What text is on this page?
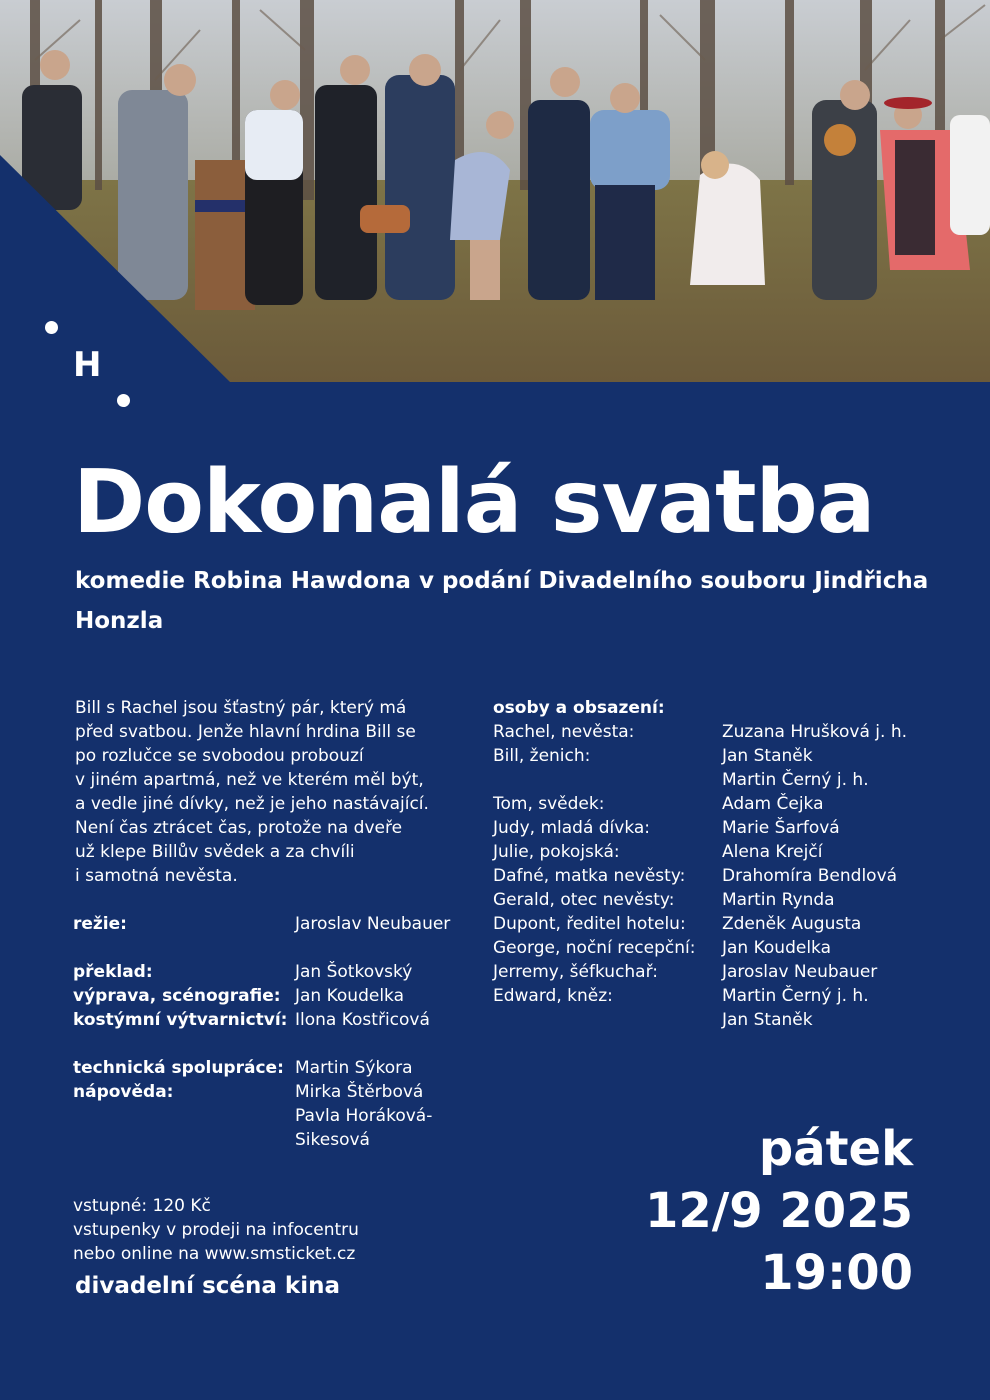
H
Dokonalá svatba

komedie Robina Hawdona v podání Divadelního souboru Jindřicha Honzla

Bill s Rachel jsou šťastný pár, který má
před svatbou. Jenže hlavní hrdina Bill se
po rozlučce se svobodou probouzí
v jiném apartmá, než ve kterém měl být,
a vedle jiné dívky, než je jeho nastávající.
Není čas ztrácet čas, protože na dveře
už klepe Billův svědek a za chvíli
i samotná nevěsta.

režie:	Jaroslav Neubauer
překlad:	Jan Šotkovský
výprava, scénografie: Jan Koudelka
kostýmní výtvarnictví: Ilona Kostřicová
technická spolupráce: Martin Sýkora
nápověda:	Mirka Štěrbová
Pavla Horáková-
Sikesová
osoby a obsazení:
Rachel, nevěsta:	Zuzana Hrušková j. h.
Bill, ženich:	Jan Staněk
Martin Černý j. h.
Tom, svědek:	Adam Čejka
Judy, mladá dívka:	Marie Šarfová
Julie, pokojská:	Alena Krejčí
Dafné, matka nevěsty:	Drahomíra Bendlová
Gerald, otec nevěsty:	Martin Rynda
Dupont, ředitel hotelu:	Zdeněk Augusta
George, noční recepční:	Jan Koudelka
Jerremy, šéfkuchař:	Jaroslav Neubauer
Edward, kněz:	Martin Černý j. h.
Jan Staněk
vstupné: 120 Kč
vstupenky v prodeji na infocentru
nebo online na www.smsticket.cz
divadelní scéna kina
pátek
12/9 2025
19:00
